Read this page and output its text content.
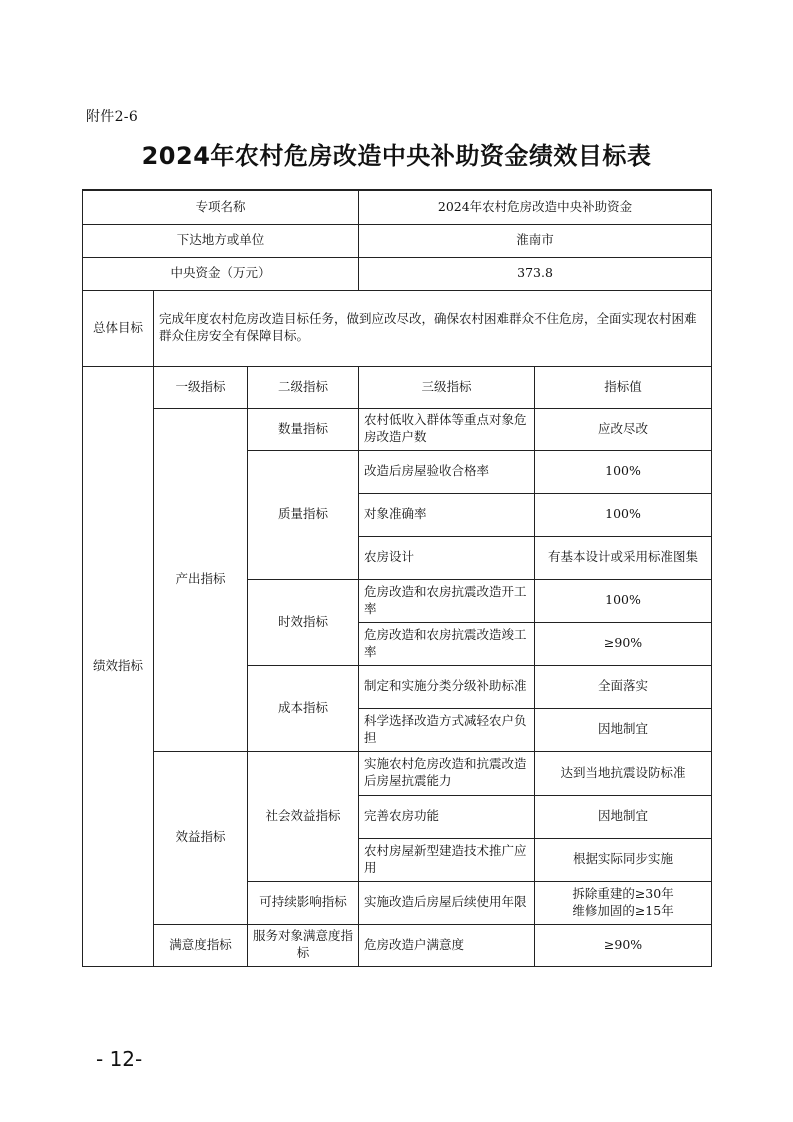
附件2-6
2024年农村危房改造中央补助资金绩效目标表
专项名称			2024年农村危房改造中央补助资金	
下达地方或单位			淮南市	
中央资金（万元）			373.8	
总体目标	完成年度农村危房改造目标任务，做到应改尽改，确保农村困难群众不住危房，全面实现农村困难群众住房安全有保障目标。			
绩效指标	一级指标	二级指标	三级指标	指标值
	产出指标	数量指标	农村低收入群体等重点对象危房改造户数	应改尽改
		质量指标	改造后房屋验收合格率	100%
			对象准确率	100%
			农房设计	有基本设计或采用标准图集
		时效指标	危房改造和农房抗震改造开工率	100%
			危房改造和农房抗震改造竣工率	≥90%
		成本指标	制定和实施分类分级补助标准	全面落实
			科学选择改造方式减轻农户负担	因地制宜
	效益指标	社会效益指标	实施农村危房改造和抗震改造后房屋抗震能力	达到当地抗震设防标准
			完善农房功能	因地制宜
			农村房屋新型建造技术推广应用	根据实际同步实施
		可持续影响指标	实施改造后房屋后续使用年限	拆除重建的≥30年
维修加固的≥15年

	满意度指标	服务对象满意度指标	危房改造户满意度	≥90%
- 12-
